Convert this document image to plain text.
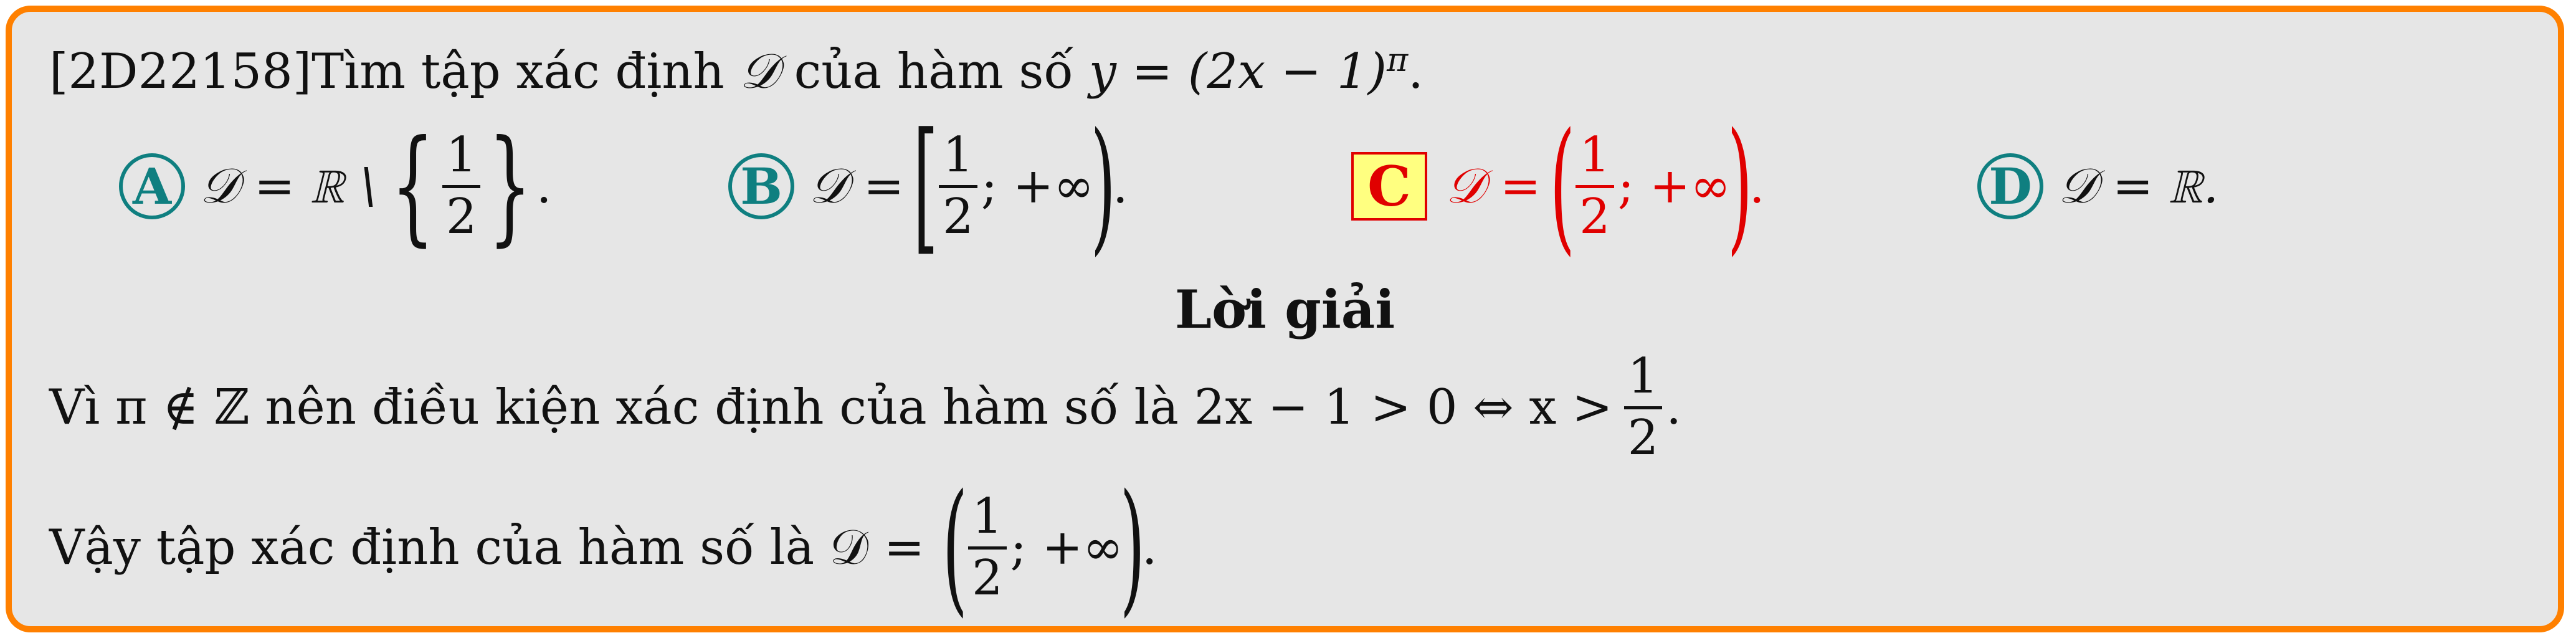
[2D22158]Tìm tập xác định 𝒟 của hàm số $y = (2x - 1)^\pi$.
A 𝒟 = ℝ \ { 1
2 } .	B 𝒟 = [ 1
2
; +∞
)
.	C 𝒟 = ( 1
2
; +∞
)
.	D 𝒟 = ℝ.
Lời giải
Vì π ∉ ℤ nên điều kiện xác định của hàm số là 2x − 1 > 0 ⇔ x >
1
2
.
Vậy tập xác định của hàm số là 𝒟 = ( 1
2
; +∞
)
.
